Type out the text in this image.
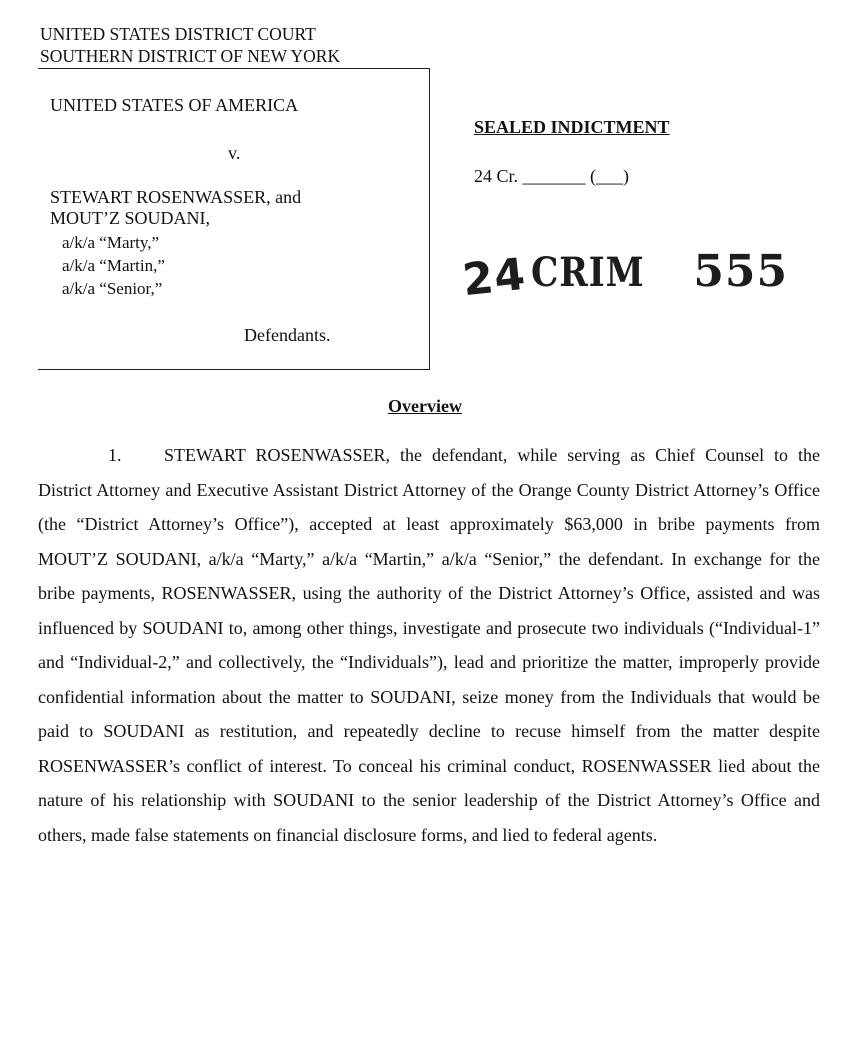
UNITED STATES DISTRICT COURT
SOUTHERN DISTRICT OF NEW YORK
UNITED STATES OF AMERICA
v.
STEWART ROSENWASSER, and
MOUT’Z SOUDANI,
a/k/a “Marty,”
a/k/a “Martin,”
a/k/a “Senior,”
Defendants.
SEALED INDICTMENT
24 Cr. _______ (___)
24CRIM 555
Overview

1. STEWART ROSENWASSER, the defendant, while serving as Chief Counsel to the District Attorney and Executive Assistant District Attorney of the Orange County District Attorney’s Office (the “District Attorney’s Office”), accepted at least approximately $63,000 in bribe payments from MOUT’Z SOUDANI, a/k/a “Marty,” a/k/a “Martin,” a/k/a “Senior,” the defendant. In exchange for the bribe payments, ROSENWASSER, using the authority of the District Attorney’s Office, assisted and was influenced by SOUDANI to, among other things, investigate and prosecute two individuals (“Individual-1” and “Individual-2,” and collectively, the “Individuals”), lead and prioritize the matter, improperly provide confidential information about the matter to SOUDANI, seize money from the Individuals that would be paid to SOUDANI as restitution, and repeatedly decline to recuse himself from the matter despite ROSENWASSER’s conflict of interest. To conceal his criminal conduct, ROSENWASSER lied about the nature of his relationship with SOUDANI to the senior leadership of the District Attorney’s Office and others, made false statements on financial disclosure forms, and lied to federal agents.
